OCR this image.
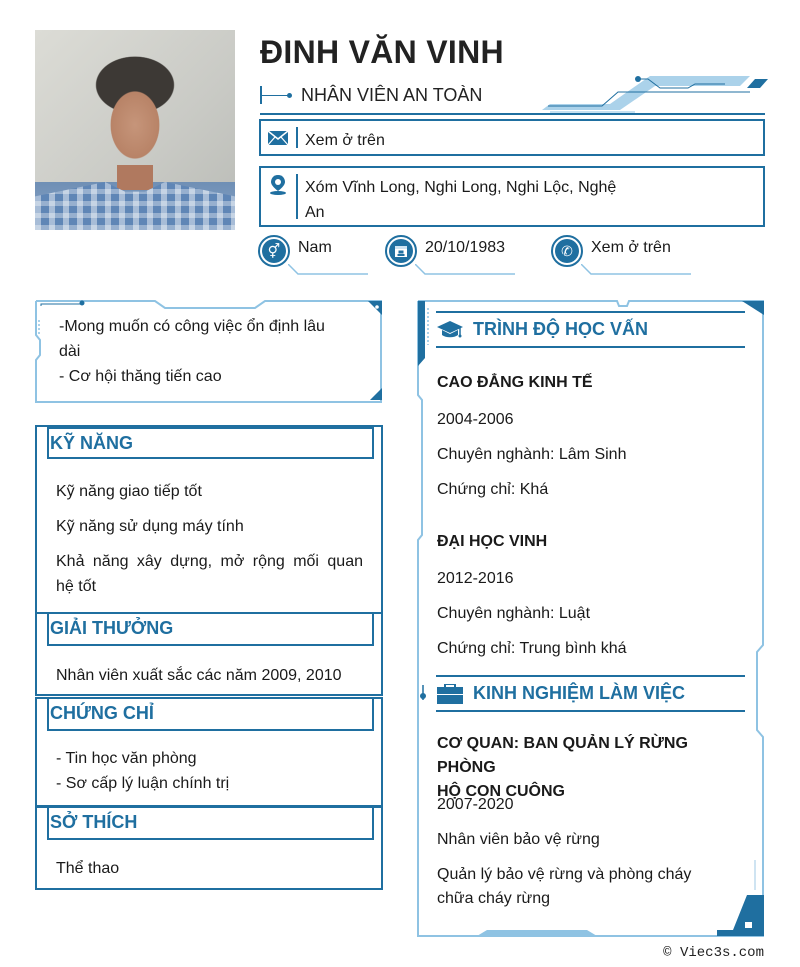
ĐINH VĂN VINH
NHÂN VIÊN AN TOÀN
Xem ở trên
Xóm Vĩnh Long, Nghi Long, Nghi Lộc, Nghệ
An
⚥	Nam	20/10/1983	✆	Xem ở trên
-Mong muốn có công việc ổn định lâu
dài
- Cơ hội thăng tiến cao
KỸ NĂNG

Kỹ năng giao tiếp tốt

Kỹ năng sử dụng máy tính

Khả năng xây dựng, mở rộng mối quan

hệ tốt

GIẢI THƯỞNG

Nhân viên xuất sắc các năm 2009, 2010

CHỨNG CHỈ

- Tin học văn phòng

- Sơ cấp lý luận chính trị

SỞ THÍCH

Thể thao

TRÌNH ĐỘ HỌC VẤN
CAO ĐẲNG KINH TẾ
2004-2006
Chuyên nghành: Lâm Sinh
Chứng chỉ: Khá
ĐẠI HỌC VINH
2012-2016
Chuyên nghành: Luật
Chứng chỉ: Trung bình khá
KINH NGHIỆM LÀM VIỆC
CƠ QUAN: BAN QUẢN LÝ RỪNG PHÒNG
HỘ CON CUÔNG
2007-2020
Nhân viên bảo vệ rừng
Quản lý bảo vệ rừng và phòng cháy
chữa cháy rừng
© Viec3s.com
